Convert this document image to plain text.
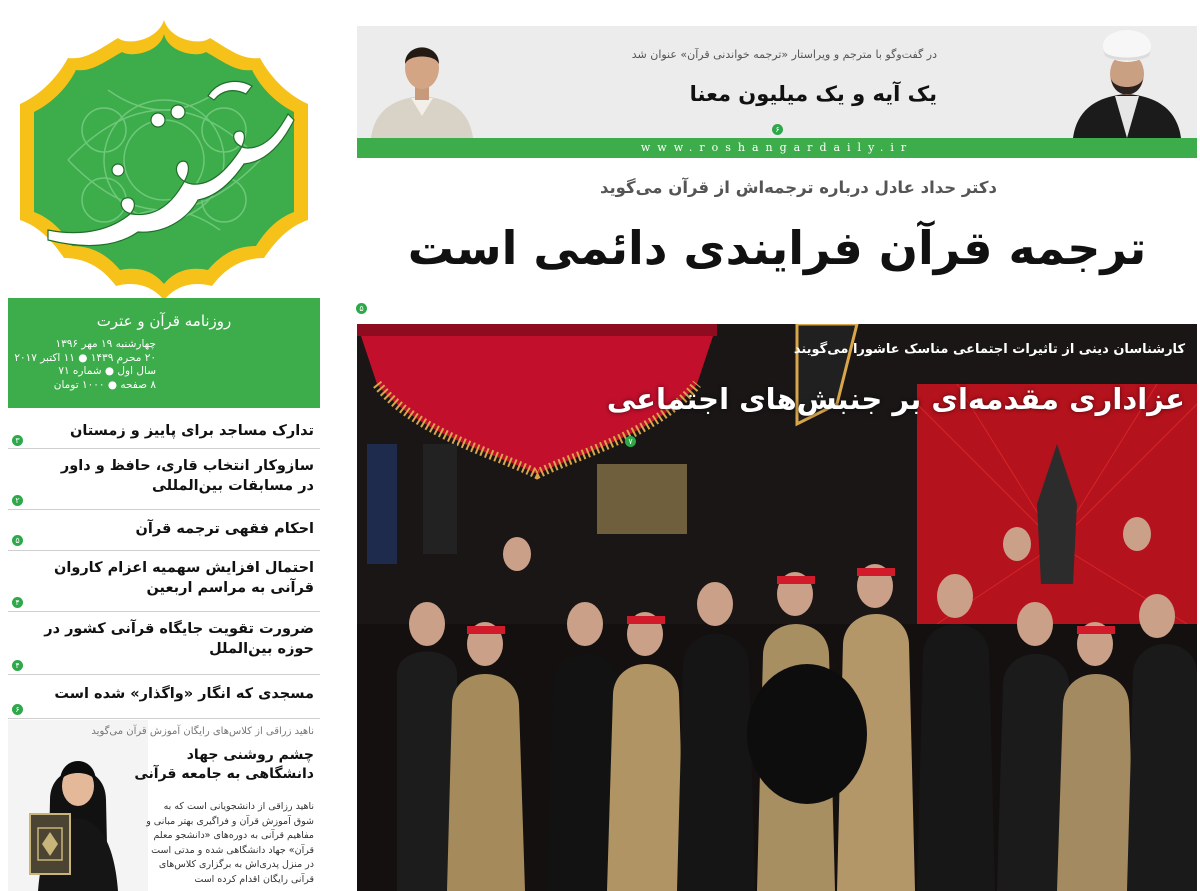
روزنامه قرآن و عترت
چهارشنبه ۱۹ مهر ۱۳۹۶
۲۰ محرم ۱۴۳۹ ● ۱۱ اکتبر ۲۰۱۷
سال اول ● شماره ۷۱
۸ صفحه ● ۱۰۰۰ تومان
تدارک مساجد برای پاییز و زمستان
۳
سازوکار انتخاب قاری، حافظ و داور در مسابقات بین‌المللی
۲
احکام فقهی ترجمه قرآن
۵
احتمال افزایش سهمیه اعزام کاروان قرآنی به مراسم اربعین
۴
ضرورت تقویت جایگاه قرآنی کشور در حوزه بین‌الملل
۴
مسجدی که انگار «واگذار» شده است
۶
ناهید زراقی از کلاس‌های رایگان آموزش قرآن می‌گوید
چشم روشنی جهاد دانشگاهی به جامعه قرآنی
ناهید رزاقی از دانشجویانی است که به شوق آموزش قرآن و فراگیری بهتر مبانی و مفاهیم قرآنی به دوره‌های «دانشجو معلم قرآن» جهاد دانشگاهی شده و مدتی است در منزل پدری‌اش به برگزاری کلاس‌های قرآنی رایگان اقدام کرده است
در گفت‌وگو با مترجم و ویراستار «ترجمه خواندنی قرآن» عنوان شد
یک آیه و یک میلیون معنا
۶
www.roshangardaily.ir
دکتر حداد عادل درباره ترجمه‌اش از قرآن می‌گوید
ترجمه قرآن فرایندی دائمی است
۵
کارشناسان دینی از تاثیرات اجتماعی مناسک عاشورا می‌گویند
عزاداری مقدمه‌ای بر جنبش‌های اجتماعی
۷
